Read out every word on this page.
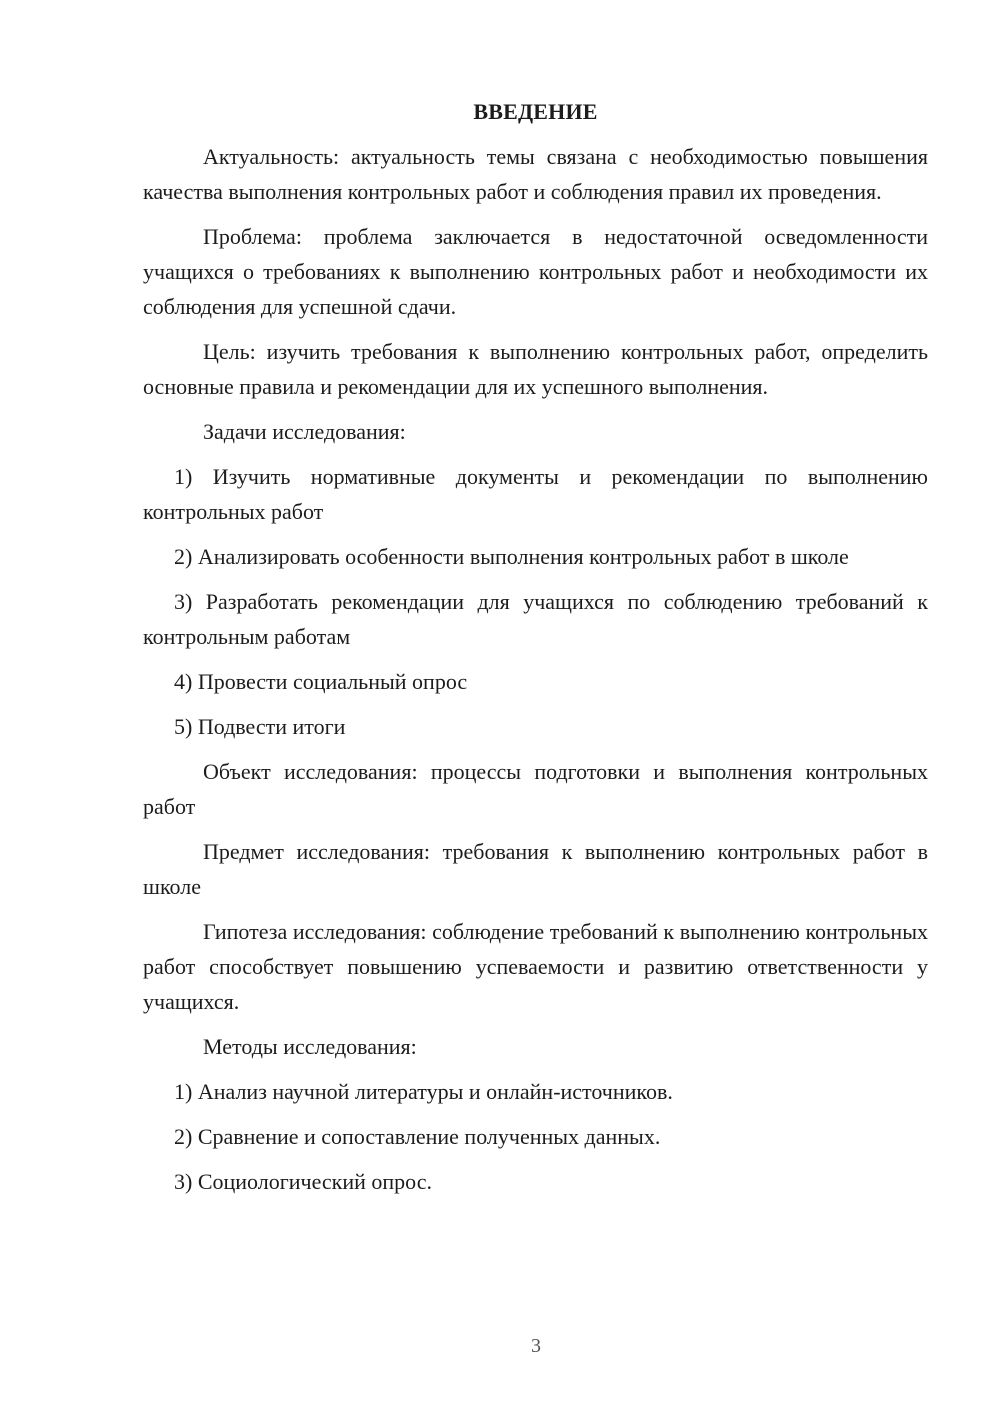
ВВЕДЕНИЕ

Актуальность: актуальность темы связана с необходимостью повышения качества выполнения контрольных работ и соблюдения правил их проведения.

Проблема: проблема заключается в недостаточной осведомленности учащихся о требованиях к выполнению контрольных работ и необходимости их соблюдения для успешной сдачи.

Цель: изучить требования к выполнению контрольных работ, определить основные правила и рекомендации для их успешного выполнения.

Задачи исследования:

1) Изучить нормативные документы и рекомендации по выполнению контрольных работ

2) Анализировать особенности выполнения контрольных работ в школе

3) Разработать рекомендации для учащихся по соблюдению требований к контрольным работам

4) Провести социальный опрос

5) Подвести итоги

Объект исследования: процессы подготовки и выполнения контрольных работ

Предмет исследования: требования к выполнению контрольных работ в школе

Гипотеза исследования: соблюдение требований к выполнению контрольных работ способствует повышению успеваемости и развитию ответственности у учащихся.

Методы исследования:

1) Анализ научной литературы и онлайн-источников.

2) Сравнение и сопоставление полученных данных.

3) Социологический опрос.

3
